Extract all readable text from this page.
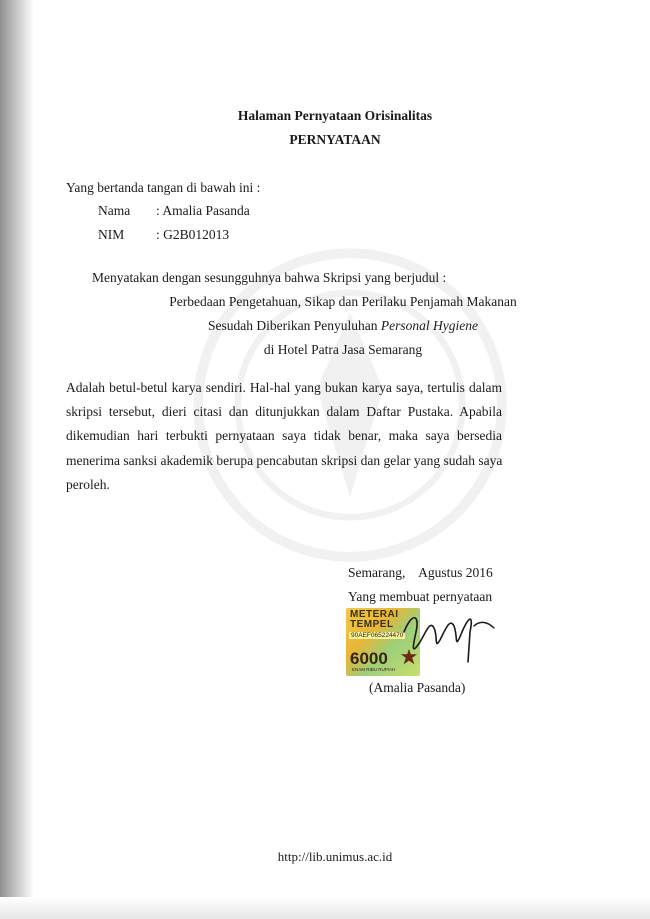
Halaman Pernyataan Orisinalitas
PERNYATAAN
Yang bertanda tangan di bawah ini :
Nama : Amalia Pasanda
NIM : G2B012013
Menyatakan dengan sesungguhnya bahwa Skripsi yang berjudul :
Perbedaan Pengetahuan, Sikap dan Perilaku Penjamah Makanan
Sesudah Diberikan Penyuluhan Personal Hygiene
di Hotel Patra Jasa Semarang
Adalah betul-betul karya sendiri. Hal-hal yang bukan karya saya, tertulis dalam
skripsi tersebut, dieri citasi dan ditunjukkan dalam Daftar Pustaka. Apabila
dikemudian hari terbukti pernyataan saya tidak benar, maka saya bersedia
menerima sanksi akademik berupa pencabutan skripsi dan gelar yang sudah saya
peroleh.
Semarang,    Agustus 2016
Yang membuat pernyataan
METERAI TEMPEL
90AEF065224470
6000
ENAM RIBU RUPIAH
(Amalia Pasanda)
http://lib.unimus.ac.id
